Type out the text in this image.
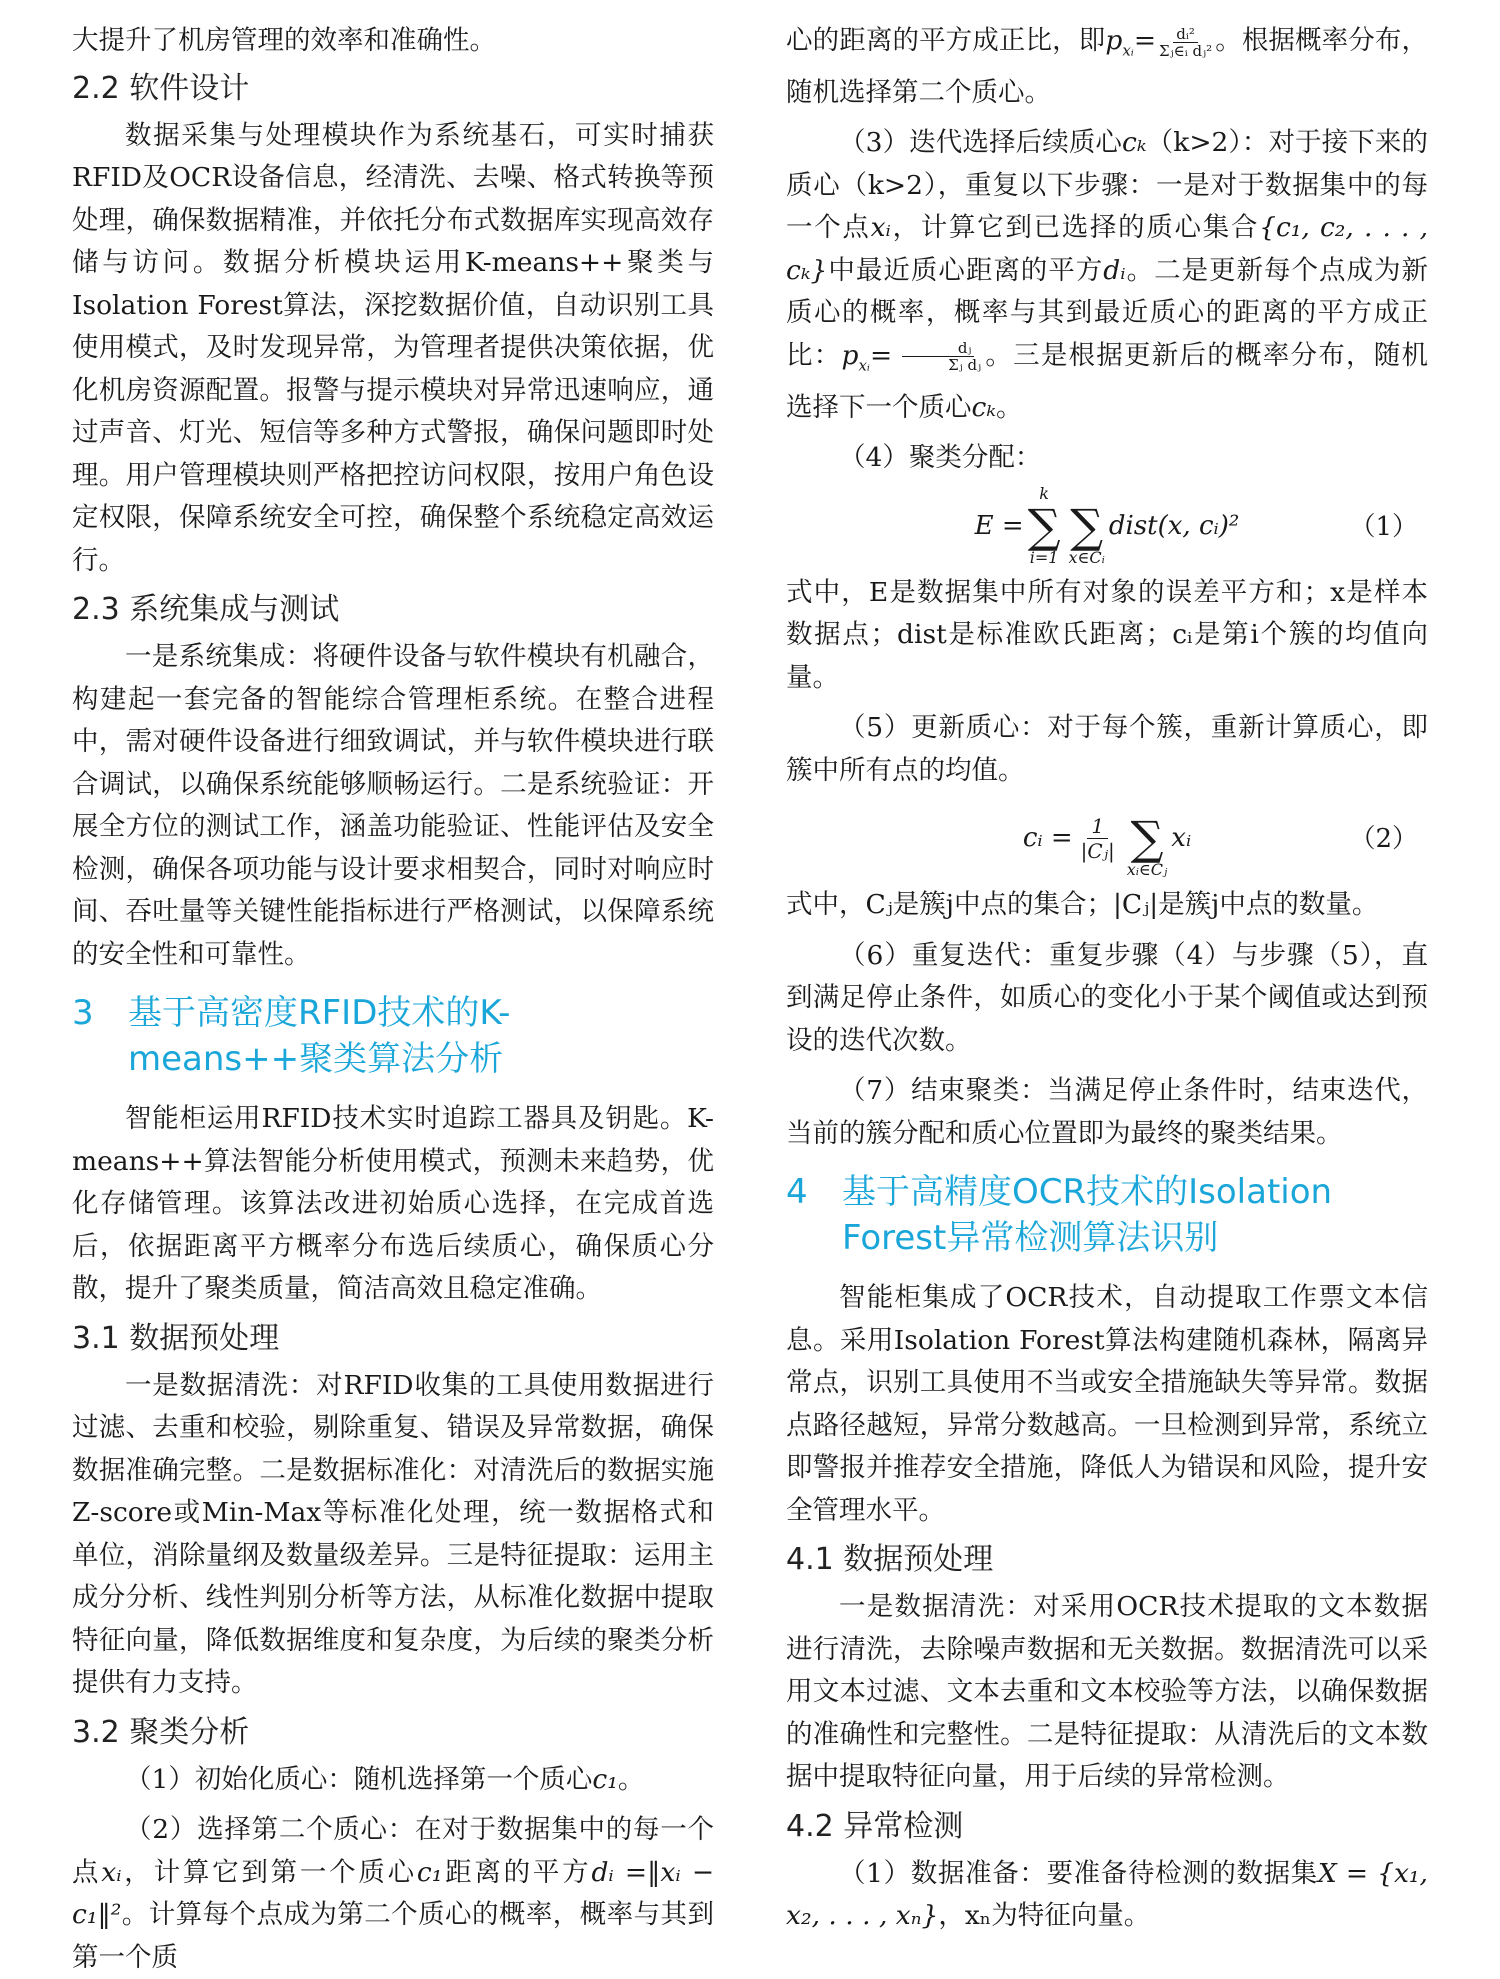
大提升了机房管理的效率和准确性。

2.2 软件设计

数据采集与处理模块作为系统基石，可实时捕获RFID及OCR设备信息，经清洗、去噪、格式转换等预处理，确保数据精准，并依托分布式数据库实现高效存储与访问。数据分析模块运用K-means++聚类与Isolation Forest算法，深挖数据价值，自动识别工具使用模式，及时发现异常，为管理者提供决策依据，优化机房资源配置。报警与提示模块对异常迅速响应，通过声音、灯光、短信等多种方式警报，确保问题即时处理。用户管理模块则严格把控访问权限，按用户角色设定权限，保障系统安全可控，确保整个系统稳定高效运行。

2.3 系统集成与测试

一是系统集成：将硬件设备与软件模块有机融合，构建起一套完备的智能综合管理柜系统。在整合进程中，需对硬件设备进行细致调试，并与软件模块进行联合调试，以确保系统能够顺畅运行。二是系统验证：开展全方位的测试工作，涵盖功能验证、性能评估及安全检测，确保各项功能与设计要求相契合，同时对响应时间、吞吐量等关键性能指标进行严格测试，以保障系统的安全性和可靠性。

3	基于高密度RFID技术的K-means++聚类算法分析

智能柜运用RFID技术实时追踪工器具及钥匙。K-means++算法智能分析使用模式，预测未来趋势，优化存储管理。该算法改进初始质心选择，在完成首选后，依据距离平方概率分布选后续质心，确保质心分散，提升了聚类质量，简洁高效且稳定准确。

3.1 数据预处理

一是数据清洗：对RFID收集的工具使用数据进行过滤、去重和校验，剔除重复、错误及异常数据，确保数据准确完整。二是数据标准化：对清洗后的数据实施Z-score或Min-Max等标准化处理，统一数据格式和单位，消除量纲及数量级差异。三是特征提取：运用主成分分析、线性判别分析等方法，从标准化数据中提取特征向量，降低数据维度和复杂度，为后续的聚类分析提供有力支持。

3.2 聚类分析

（1）初始化质心：随机选择第一个质心c₁。

（2）选择第二个质心：在对于数据集中的每一个点xᵢ，计算它到第一个质心c₁距离的平方dᵢ =‖xᵢ − c₁‖²。计算每个点成为第二个质心的概率，概率与其到第一个质

心的距离的平方成正比，即$p_{xᵢ}= \frac{\text{dᵢ²}}{\text{Σⱼ∈ᵢ dⱼ²}}$ 。根据概率分布，随机选择第二个质心。

（3）迭代选择后续质心cₖ（k>2）：对于接下来的质心（k>2），重复以下步骤：一是对于数据集中的每一个点xᵢ，计算它到已选择的质心集合{c₁, c₂, . . . , cₖ}中最近质心距离的平方dᵢ。二是更新每个点成为新质心的概率，概率与其到最近质心的距离的平方成正比：$p_{xᵢ}= \frac{\text{dⱼ}}{\text{Σⱼ dⱼ}}$ 。三是根据更新后的概率分布，随机选择下一个质心cₖ。

（4）聚类分配：

E =
k
∑
i=1

∑
x∈Cᵢ
dist(x, cᵢ)²	（1）

式中，E是数据集中所有对象的误差平方和；x是样本数据点；dist是标准欧氏距离；cᵢ是第i个簇的均值向量。

（5）更新质心：对于每个簇，重新计算质心，即簇中所有点的均值。

cᵢ = $\frac{1}{\text{|Cⱼ|}}$
∑
xᵢ∈Cⱼ
xᵢ	（2）

式中，Cⱼ是簇j中点的集合；|Cⱼ|是簇j中点的数量。

（6）重复迭代：重复步骤（4）与步骤（5），直到满足停止条件，如质心的变化小于某个阈值或达到预设的迭代次数。

（7）结束聚类：当满足停止条件时，结束迭代，当前的簇分配和质心位置即为最终的聚类结果。

4	基于高精度OCR技术的Isolation Forest异常检测算法识别

智能柜集成了OCR技术，自动提取工作票文本信息。采用Isolation Forest算法构建随机森林，隔离异常点，识别工具使用不当或安全措施缺失等异常。数据点路径越短，异常分数越高。一旦检测到异常，系统立即警报并推荐安全措施，降低人为错误和风险，提升安全管理水平。

4.1 数据预处理

一是数据清洗：对采用OCR技术提取的文本数据进行清洗，去除噪声数据和无关数据。数据清洗可以采用文本过滤、文本去重和文本校验等方法，以确保数据的准确性和完整性。二是特征提取：从清洗后的文本数据中提取特征向量，用于后续的异常检测。

4.2 异常检测

（1）数据准备：要准备待检测的数据集X = {x₁, x₂, . . . , xₙ}，xₙ为特征向量。
